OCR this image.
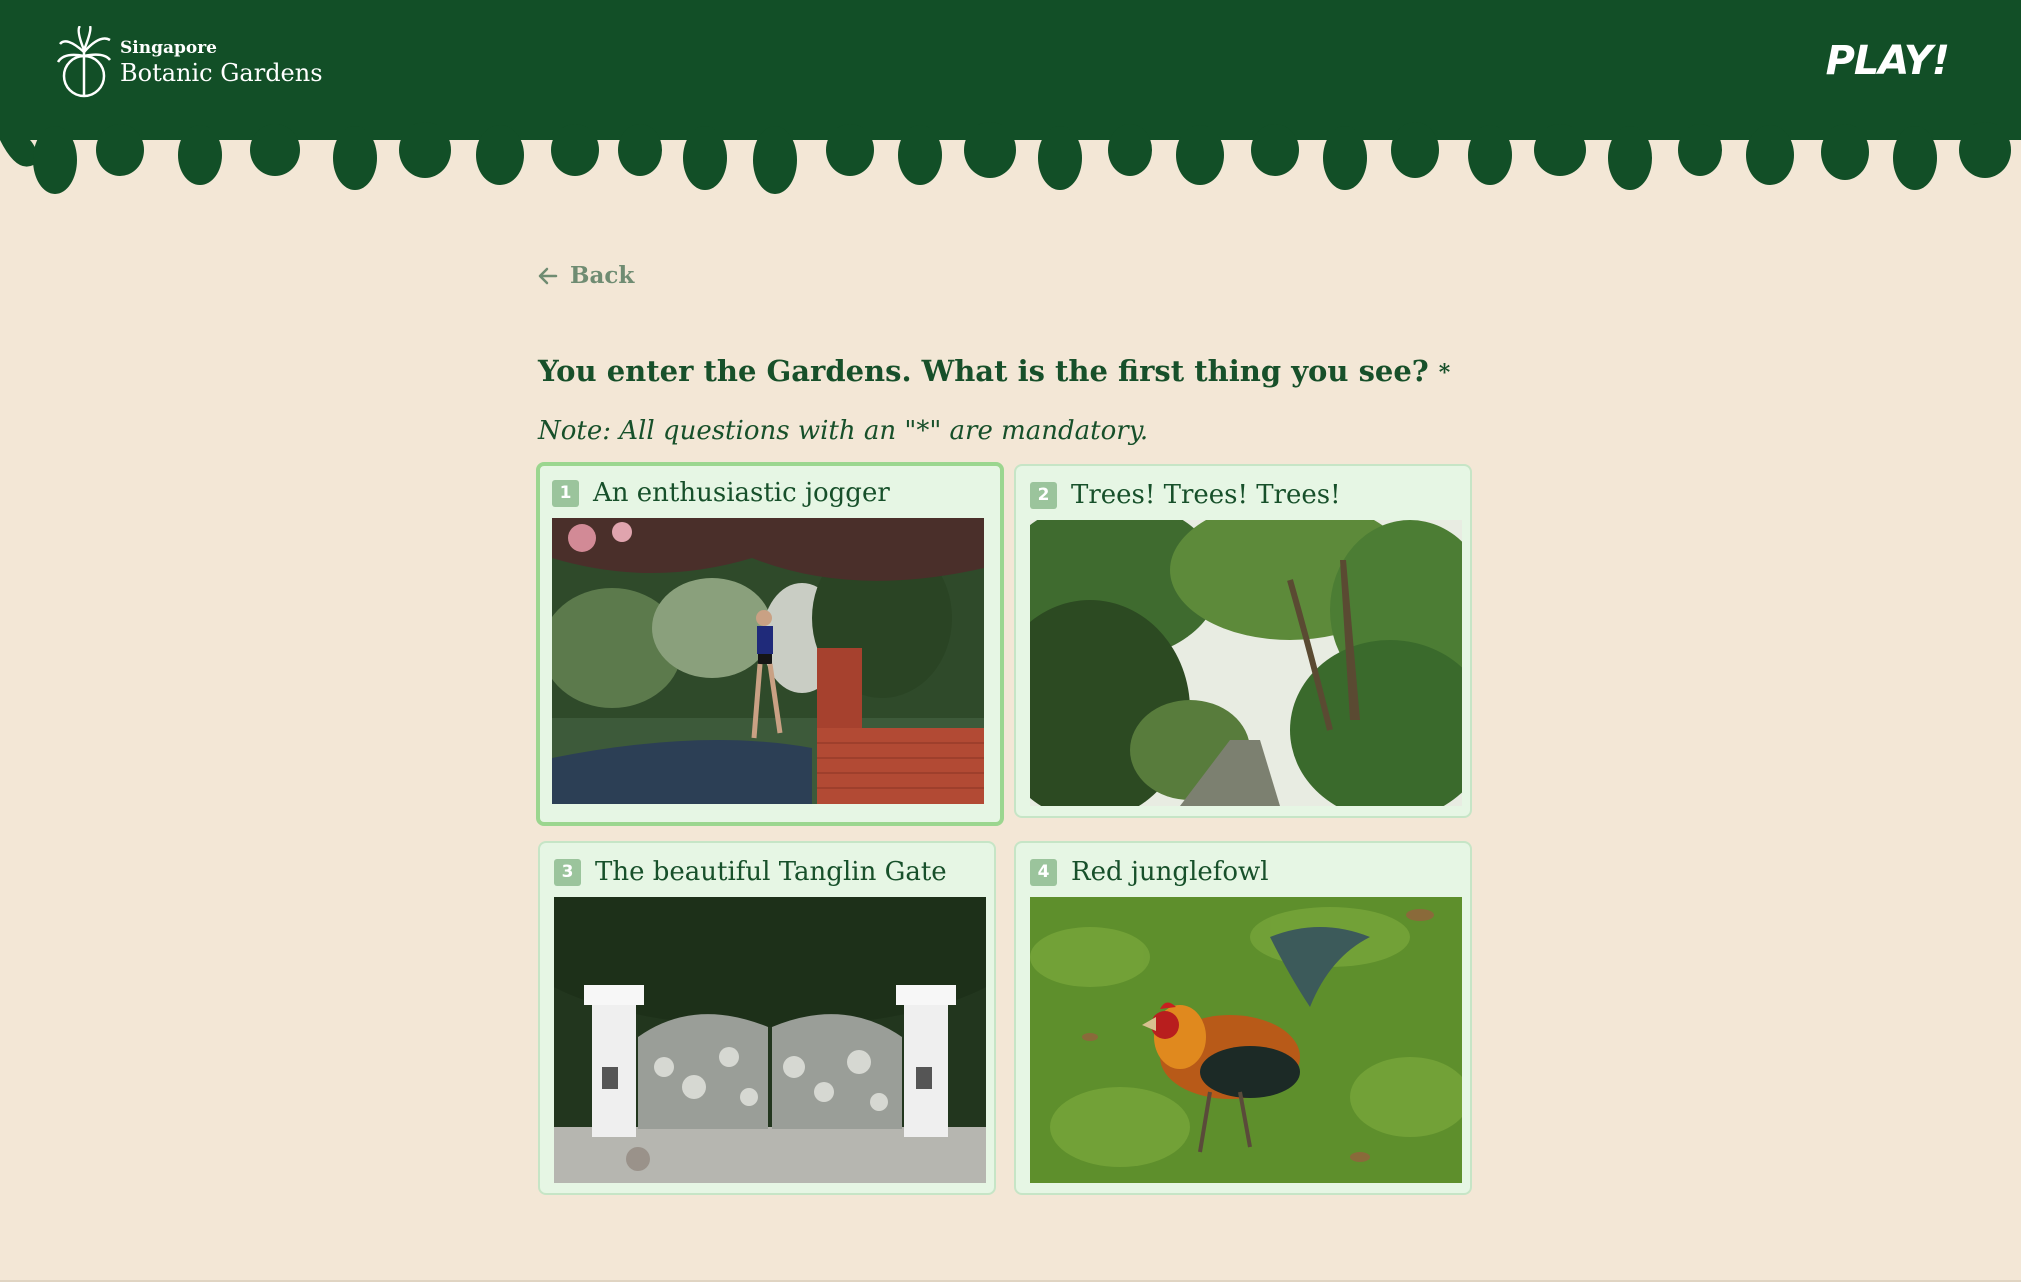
Singapore
Botanic Gardens	PLAY!
Back
You enter the Gardens. What is the first thing you see? *
Note: All questions with an "*" are mandatory.
1 An enthusiastic jogger	2 Trees! Trees! Trees!
3 The beautiful Tanglin Gate	4 Red junglefowl
